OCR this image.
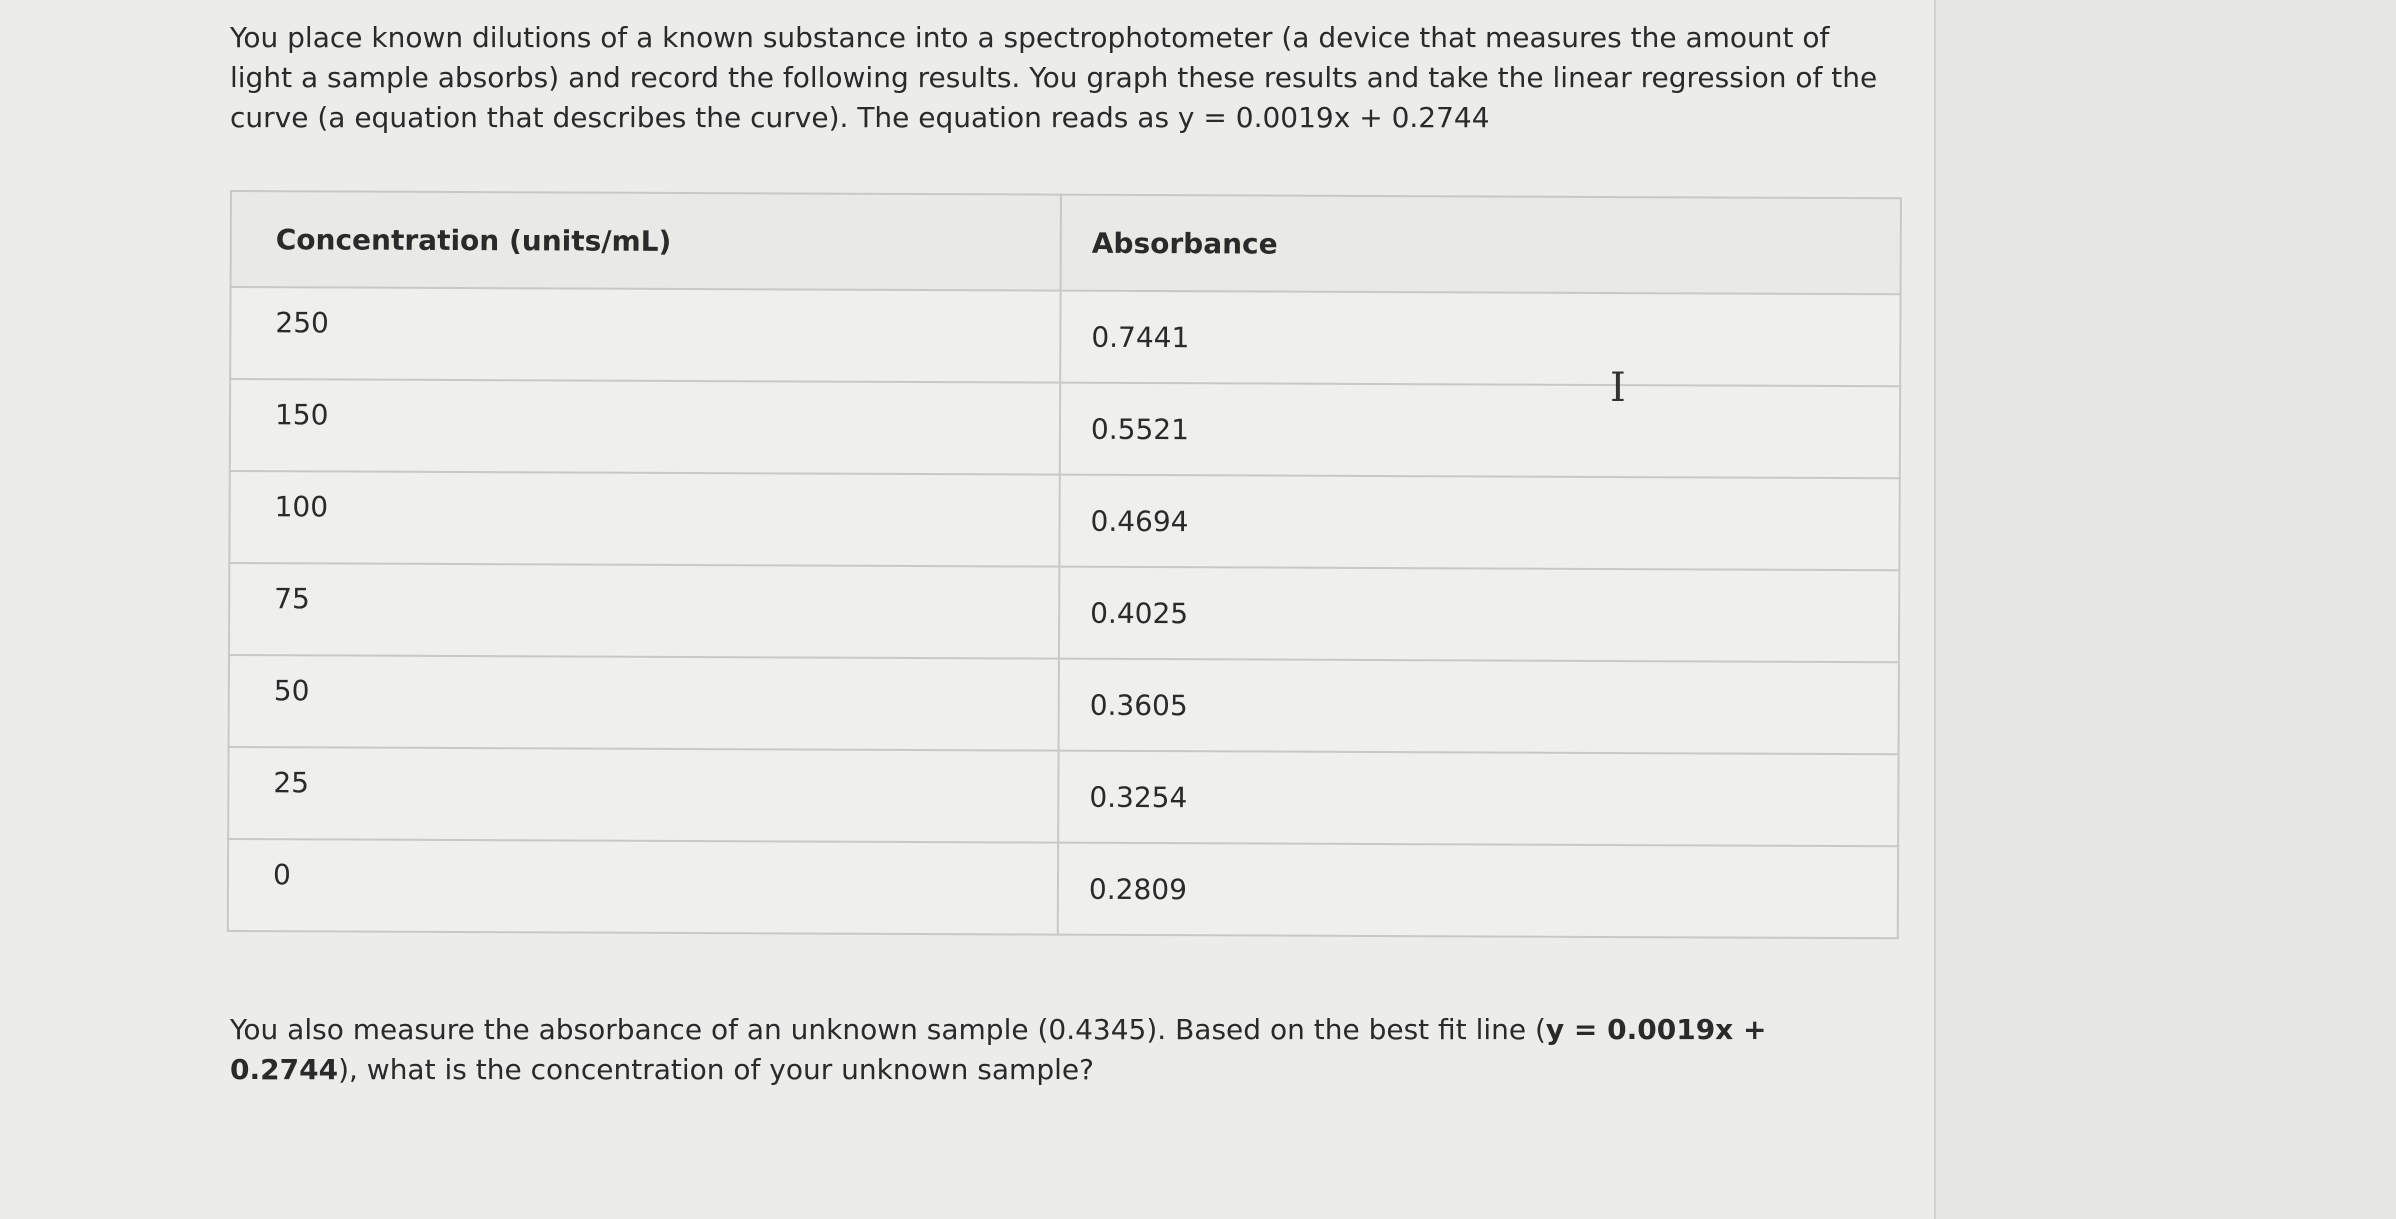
You place known dilutions of a known substance into a spectrophotometer (a device that measures the amount of light a sample absorbs) and record the following results. You graph these results and take the linear regression of the curve (a equation that describes the curve). The equation reads as y = 0.0019x + 0.2744

Concentration (units/mL)	Absorbance
250	0.7441
150	0.5521
100	0.4694
75	0.4025
50	0.3605
25	0.3254
0	0.2809
I

You also measure the absorbance of an unknown sample (0.4345). Based on the best fit line (y = 0.0019x + 0.2744), what is the concentration of your unknown sample?
